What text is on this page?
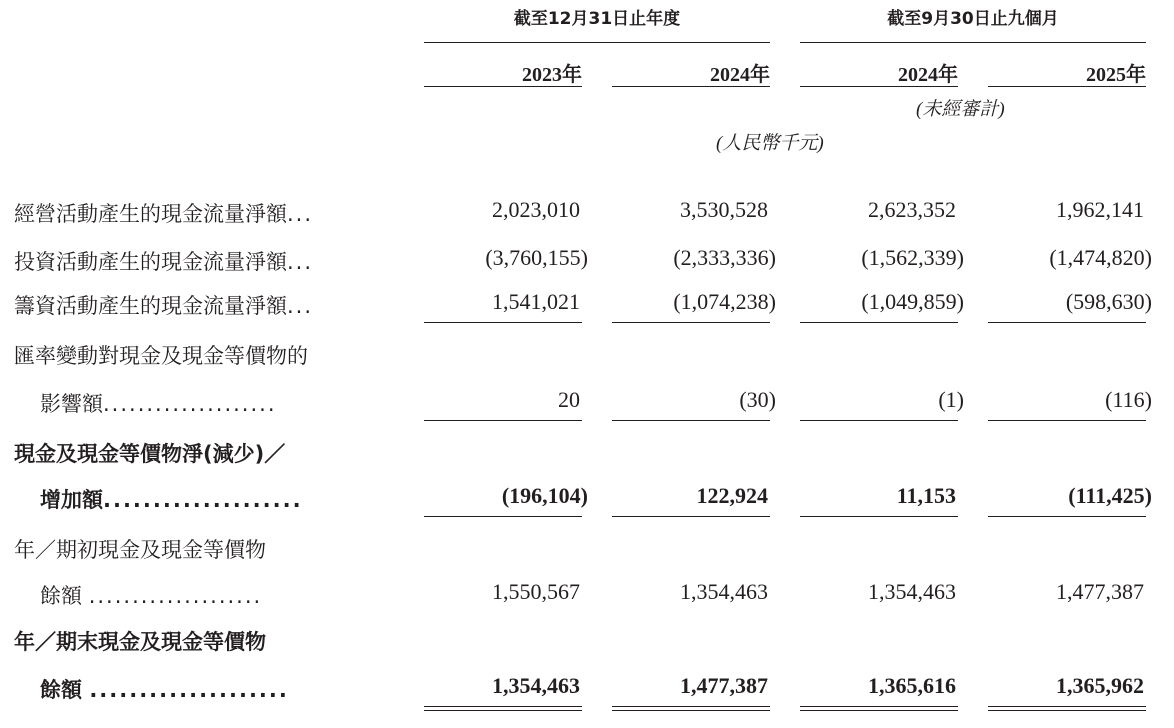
截至12月31日止年度	截至9月30日止九個月
2023年	2024年	2024年	2025年
(未經審計)
(人民幣千元)
經營活動產生的現金流量淨額...	2,023,010	3,530,528	2,623,352	1,962,141
投資活動產生的現金流量淨額...	(3,760,155)	(2,333,336)	(1,562,339)	(1,474,820)
籌資活動產生的現金流量淨額...	1,541,021	(1,074,238)	(1,049,859)	(598,630)
匯率變動對現金及現金等價物的
影響額....................	20	(30)	(1)	(116)
現金及現金等價物淨(減少)／
增加額....................	(196,104)	122,924	11,153	(111,425)
年／期初現金及現金等價物
餘額 ....................	1,550,567	1,354,463	1,354,463	1,477,387
年／期末現金及現金等價物
餘額 ....................	1,354,463	1,477,387	1,365,616	1,365,962
